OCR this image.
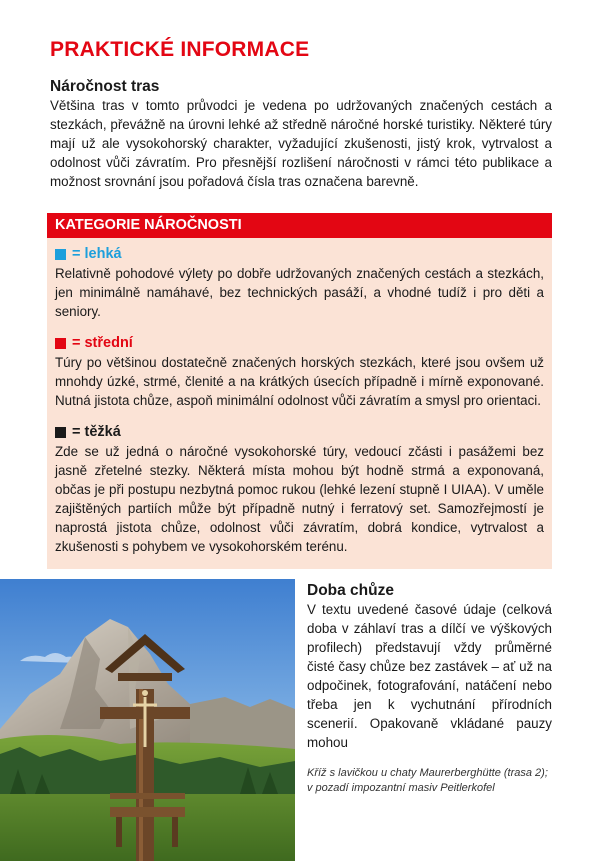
PRAKTICKÉ INFORMACE
Náročnost tras

Většina tras v tomto průvodci je vedena po udržovaných značených cestách a stezkách, převážně na úrovni lehké až středně náročné horské turistiky. Některé túry mají už ale vysokohorský charakter, vyžadující zkušenosti, jistý krok, vytrvalost a odolnost vůči závratím. Pro přesnější rozlišení náročnosti v rámci této publikace a možnost srovnání jsou pořadová čísla tras označena barevně.

KATEGORIE NÁROČNOSTI
= lehká

Relativně pohodové výlety po dobře udržovaných značených cestách a stezkách, jen minimálně namáhavé, bez technických pasáží, a vhodné tudíž i pro děti a seniory.

= střední

Túry po většinou dostatečně značených horských stezkách, které jsou ovšem už mnohdy úzké, strmé, členité a na krátkých úsecích případně i mírně exponované. Nutná jistota chůze, aspoň minimální odolnost vůči závratím a smysl pro orientaci.

= těžká

Zde se už jedná o náročné vysokohorské túry, vedoucí zčásti i pasážemi bez jasně zřetelné stezky. Některá místa mohou být hodně strmá a exponovaná, občas je při postupu nezbytná pomoc rukou (lehké lezení stupně I UIAA). V uměle zajištěných partiích může být případně nutný i ferratový set. Samozřejmostí je naprostá jistota chůze, odolnost vůči závratím, dobrá kondice, vytrvalost a zkušenosti s pohybem ve vysokohorském terénu.

Doba chůze

V textu uvedené časové údaje (celková doba v záhlaví tras a dílčí ve výškových profilech) představují vždy průměrné čisté časy chůze bez zastávek – ať už na odpočinek, fotografování, natáčení nebo třeba jen k vychutnání přírodních scenerií. Opakovaně vkládané pauzy mohou

Kříž s lavičkou u chaty Maurerberghütte (trasa 2); v pozadí impozantní masiv Peitlerkofel
